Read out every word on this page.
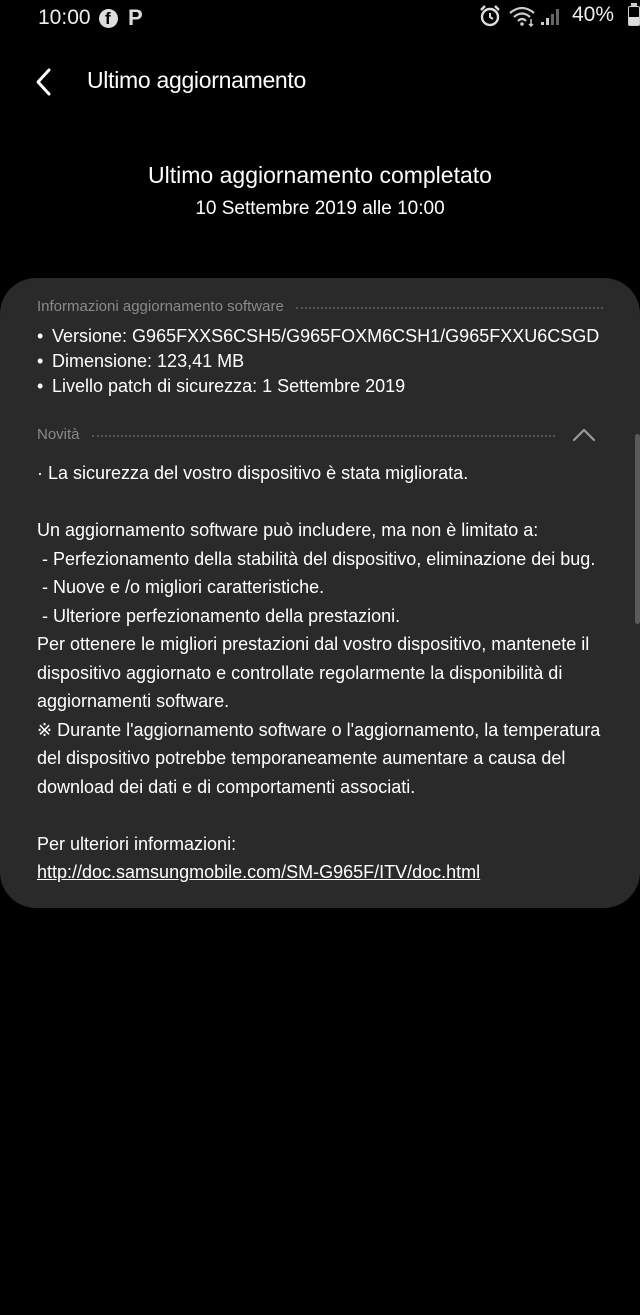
10:00
f P	40%
Ultimo aggiornamento
Ultimo aggiornamento completato
10 Settembre 2019 alle 10:00
Informazioni aggiornamento software
• Versione: G965FXXS6CSH5/G965FOXM6CSH1/G965FXXU6CSGD
• Dimensione: 123,41 MB
• Livello patch di sicurezza: 1 Settembre 2019
Novità

· La sicurezza del vostro dispositivo è stata migliorata.

Un aggiornamento software può includere, ma non è limitato a:

- Perfezionamento della stabilità del dispositivo, eliminazione dei bug.

- Nuove e /o migliori caratteristiche.

- Ulteriore perfezionamento della prestazioni.

Per ottenere le migliori prestazioni dal vostro dispositivo, mantenete il dispositivo aggiornato e controllate regolarmente la disponibilità di aggiornamenti software.

※ Durante l'aggiornamento software o l'aggiornamento, la temperatura del dispositivo potrebbe temporaneamente aumentare a causa del download dei dati e di comportamenti associati.

Per ulteriori informazioni:

http://doc.samsungmobile.com/SM-G965F/ITV/doc.html
